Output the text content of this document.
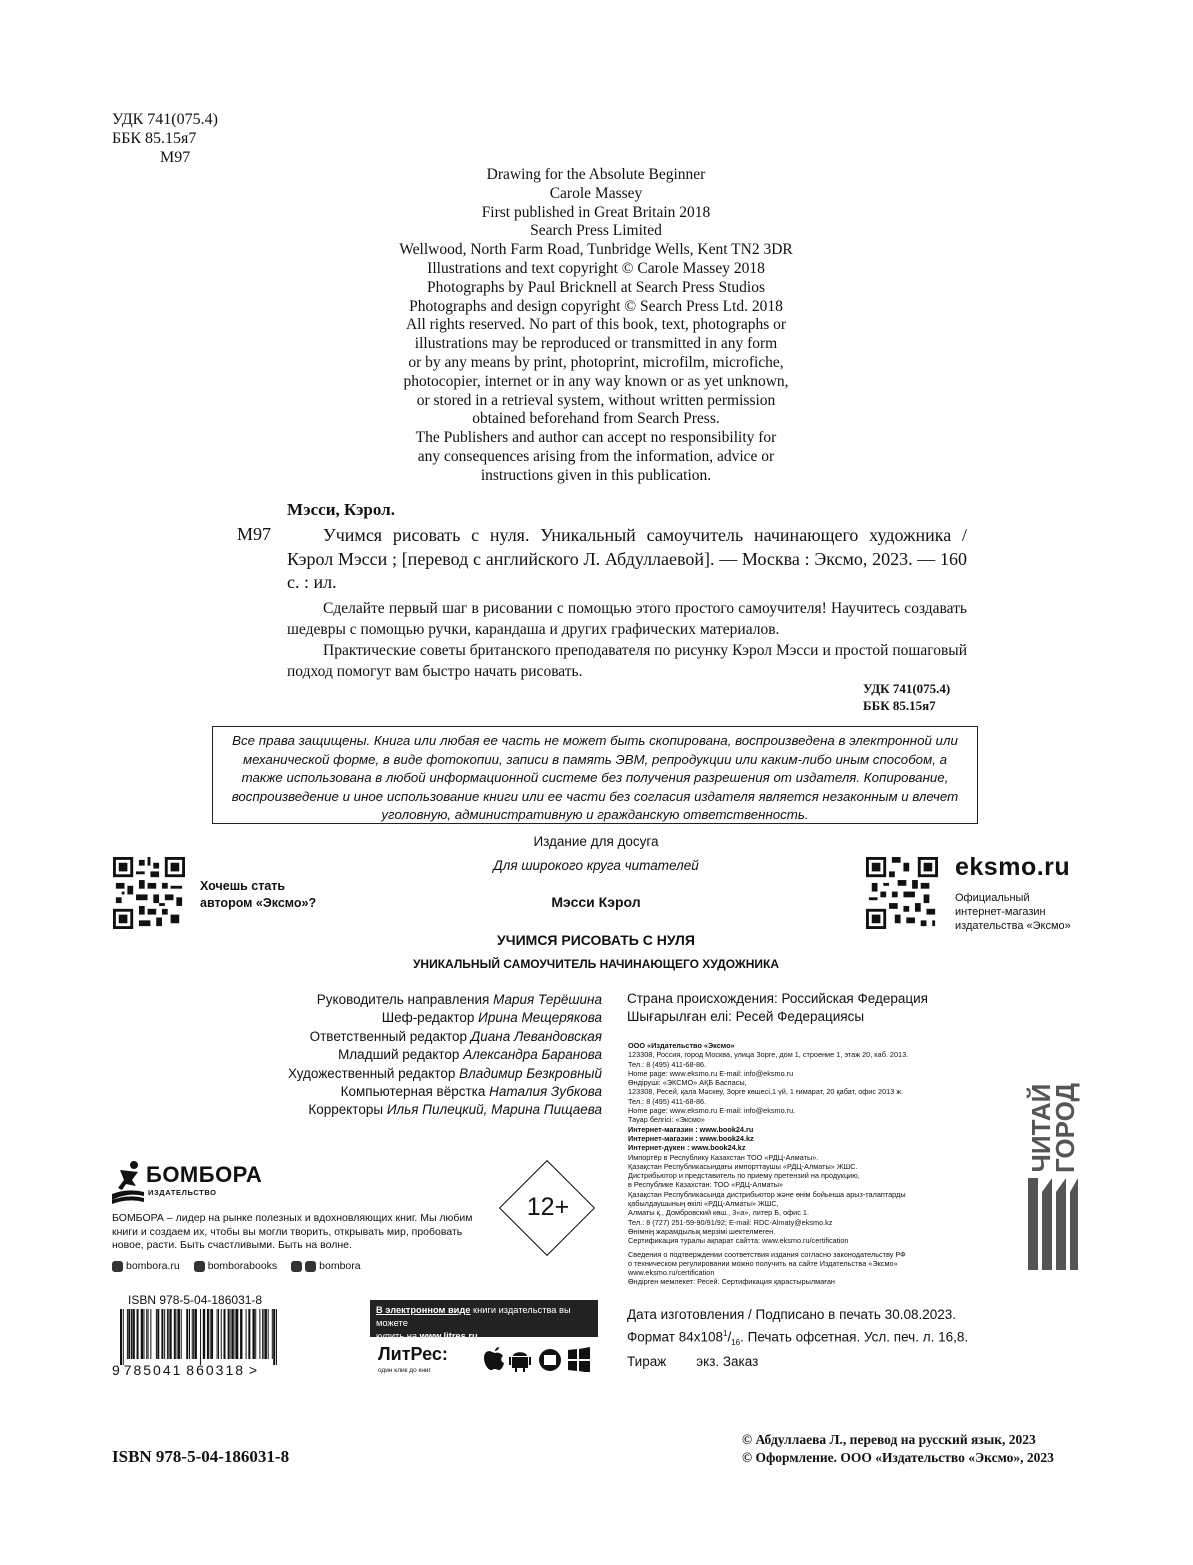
УДК 741(075.4)
ББК 85.15я7
М97
Drawing for the Absolute Beginner
Carole Massey
First published in Great Britain 2018
Search Press Limited
Wellwood, North Farm Road, Tunbridge Wells, Kent TN2 3DR
Illustrations and text copyright © Carole Massey 2018
Photographs by Paul Bricknell at Search Press Studios
Photographs and design copyright © Search Press Ltd. 2018
All rights reserved. No part of this book, text, photographs or
illustrations may be reproduced or transmitted in any form
or by any means by print, photoprint, microfilm, microfiche,
photocopier, internet or in any way known or as yet unknown,
or stored in a retrieval system, without written permission
obtained beforehand from Search Press.
The Publishers and author can accept no responsibility for
any consequences arising from the information, advice or
instructions given in this publication.
Мэсси, Кэрол.
М97	Учимся рисовать с нуля. Уникальный самоучитель начинающего художника / Кэрол Мэсси ; [перевод с английского Л. Абдуллаевой]. — Москва : Эксмо, 2023. — 160 с. : ил.

Сделайте первый шаг в рисовании с помощью этого простого самоучителя! Научитесь создавать шедевры с помощью ручки, карандаша и других графических материалов.

Практические советы британского преподавателя по рисунку Кэрол Мэсси и простой пошаговый подход помогут вам быстро начать рисовать.

УДК 741(075.4)
ББК 85.15я7
Все права защищены. Книга или любая ее часть не может быть скопирована, воспроизведена в электронной или механической форме, в виде фотокопии, записи в память ЭВМ, репродукции или каким-либо иным способом, а также использована в любой информационной системе без получения разрешения от издателя. Копирование, воспроизведение и иное использование книги или ее части без согласия издателя является незаконным и влечет уголовную, административную и гражданскую ответственность.
Издание для досуга
Для широкого круга читателей
Мэсси Кэрол
УЧИМСЯ РИСОВАТЬ С НУЛЯ
УНИКАЛЬНЫЙ САМОУЧИТЕЛЬ НАЧИНАЮЩЕГО ХУДОЖНИКА
Хочешь стать
автором «Эксмо»?
eksmo.ru
Официальный
интернет-магазин
издательства «Эксмо»
Руководитель направления Мария Терёшина
Шеф-редактор Ирина Мещерякова
Ответственный редактор Диана Левандовская
Младший редактор Александра Баранова
Художественный редактор Владимир Безкровный
Компьютерная вёрстка Наталия Зубкова
Корректоры Илья Пилецкий, Марина Пищаева
Страна происхождения: Российская Федерация
Шығарылған елі: Ресей Федерациясы
ООО «Издательство «Эксмо»
123308, Россия, город Москва, улица Зорге, дом 1, строение 1, этаж 20, каб. 2013.
Тел.: 8 (495) 411-68-86.
Home page: www.eksmo.ru E-mail: info@eksmo.ru
Өндіруші: «ЭКСМО» АҚБ Баспасы,
123308, Ресей, қала Мәскеу, Зорге көшесі,1 үй, 1 ғимарат, 20 қабат, офис 2013 ж.
Тел.: 8 (495) 411-68-86.
Home page: www.eksmo.ru E-mail: info@eksmo.ru.
Тауар белгісі: «Эксмо»
Интернет-магазин : www.book24.ru
Интернет-магазин : www.book24.kz
Интернет-дүкен : www.book24.kz
Импортёр в Республику Казахстан ТОО «РДЦ-Алматы».
Қазақстан Республикасындағы импорттаушы «РДЦ-Алматы» ЖШС.
Дистрибьютор и представитель по приему претензий на продукцию,
в Республике Казахстан: ТОО «РДЦ-Алматы»
Қазақстан Республикасында дистрибьютор және өнім бойынша арыз-талаптарды
қабылдаушының өкілі «РДЦ-Алматы» ЖШС,
Алматы қ., Домбровский көш., 3«а», литер Б, офис 1.
Тел.: 8 (727) 251-59-90/91/92; E-mail: RDC-Almaty@eksmo.kz
Өнімнің жарамдылық мерзімі шектелмеген.
Сертификация туралы ақпарат сайтта: www.eksmo.ru/certification
Сведения о подтверждении соответствия издания согласно законодательству РФ
о техническом регулировании можно получить на сайте Издательства «Эксмо»
www.eksmo.ru/certification
Өндірген мемлекет: Ресей. Сертификация қарастырылмаған
Дата изготовления / Подписано в печать 30.08.2023.
Формат $84x108^1/_{16}$. Печать офсетная. Усл. печ. л. 16,8.
Тираж экз. Заказ
ЧИТАЙ
ГОРОД
БОМБОРА
ИЗДАТЕЛЬСТВО
БОМБОРА – лидер на рынке полезных и вдохновляющих книг. Мы любим книги и создаем их, чтобы вы могли творить, открывать мир, пробовать новое, расти. Быть счастливыми. Быть на волне.
bombora.ru	bomborabooks	bombora
12+
ISBN 978-5-04-186031-8
9 785041 860318 >
В электронном виде книги издательства вы можете
купить на www.litres.ru
ЛитРес:
один клик до книг
ISBN 978-5-04-186031-8
© Абдуллаева Л., перевод на русский язык, 2023
© Оформление. ООО «Издательство «Эксмо», 2023
